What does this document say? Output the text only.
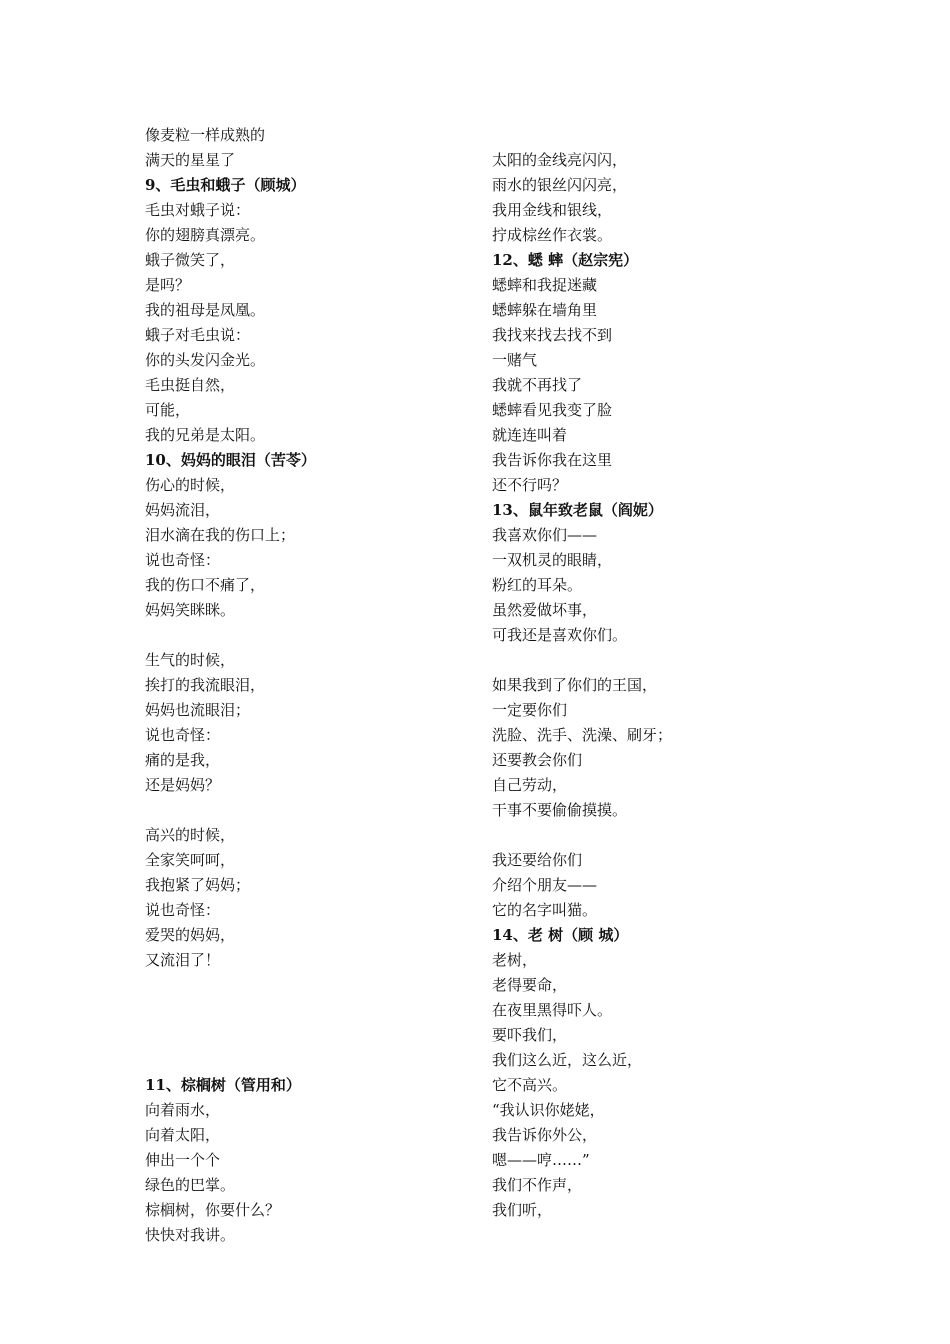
像麦粒一样成熟的
满天的星星了
9、毛虫和蛾子（顾城）
毛虫对蛾子说：
你的翅膀真漂亮。
蛾子微笑了，
是吗？
我的祖母是凤凰。
蛾子对毛虫说：
你的头发闪金光。
毛虫挺自然，
可能，
我的兄弟是太阳。
10、妈妈的眼泪（苦苓）
伤心的时候，
妈妈流泪，
泪水滴在我的伤口上；
说也奇怪：
我的伤口不痛了，
妈妈笑眯眯。
生气的时候，
挨打的我流眼泪，
妈妈也流眼泪；
说也奇怪：
痛的是我，
还是妈妈？
高兴的时候，
全家笑呵呵，
我抱紧了妈妈；
说也奇怪：
爱哭的妈妈，
又流泪了！
11、棕榈树（管用和）
向着雨水，
向着太阳，
伸出一个个
绿色的巴掌。
棕榈树，你要什么？
快快对我讲。
太阳的金线亮闪闪，
雨水的银丝闪闪亮，
我用金线和银线，
拧成棕丝作衣裳。
12、蟋 蟀（赵宗宪）
蟋蟀和我捉迷藏
蟋蟀躲在墙角里
我找来找去找不到
一赌气
我就不再找了
蟋蟀看见我变了脸
就连连叫着
我告诉你我在这里
还不行吗？
13、鼠年致老鼠（阎妮）
我喜欢你们——
一双机灵的眼睛，
粉红的耳朵。
虽然爱做坏事，
可我还是喜欢你们。
如果我到了你们的王国，
一定要你们
洗脸、洗手、洗澡、刷牙；
还要教会你们
自己劳动，
干事不要偷偷摸摸。
我还要给你们
介绍个朋友——
它的名字叫猫。
14、老 树（顾 城）
老树，
老得要命，
在夜里黑得吓人。
要吓我们，
我们这么近，这么近，
它不高兴。
“我认识你姥姥，
我告诉你外公，
嗯——哼……”
我们不作声，
我们听，
